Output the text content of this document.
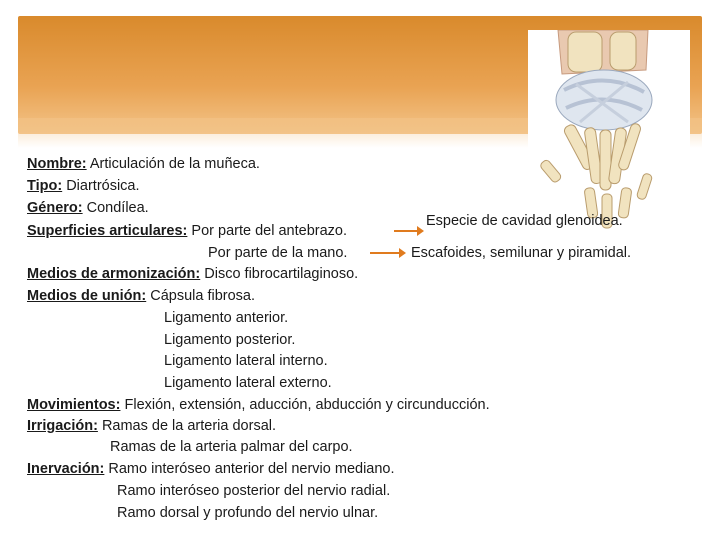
Nombre: Articulación de la muñeca.
Tipo: Diartrósica.
Género: Condílea.
Superficies articulares: Por parte del antebrazo.
Especie de cavidad glenoidea.
Por parte de la mano.	Escafoides, semilunar y piramidal.
Medios de armonización: Disco fibrocartilaginoso.
Medios de unión: Cápsula fibrosa.
Ligamento anterior.
Ligamento posterior.
Ligamento lateral interno.
Ligamento lateral externo.
Movimientos: Flexión, extensión, aducción, abducción y circunducción.
Irrigación: Ramas de la arteria dorsal.
Ramas de la arteria palmar del carpo.
Inervación: Ramo interóseo anterior del nervio mediano.
Ramo interóseo posterior del nervio radial.
Ramo dorsal y profundo del nervio ulnar.
